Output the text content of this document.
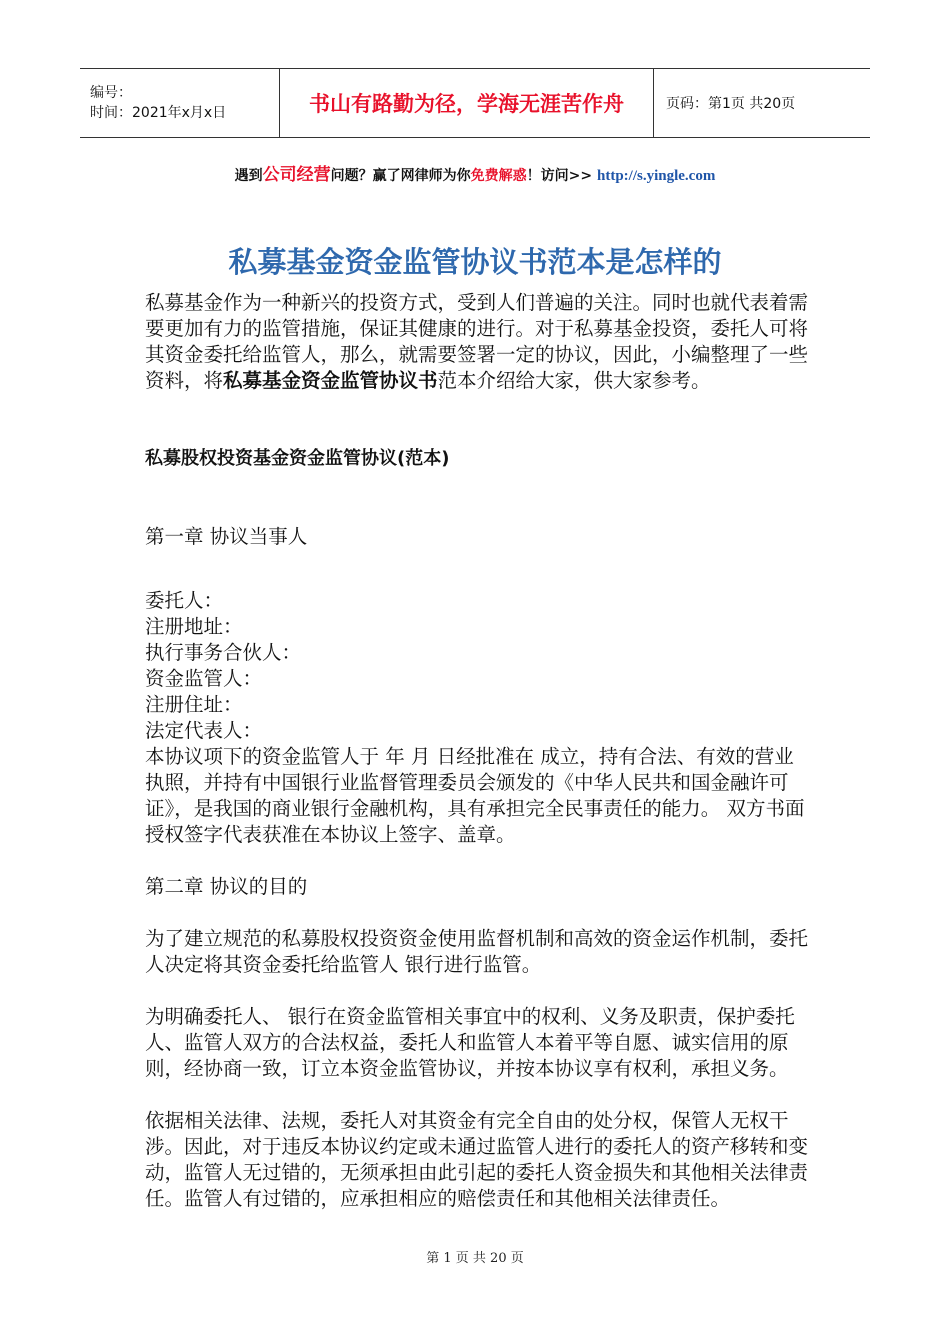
编号：
时间：2021年x月x日	书山有路勤为径，学海无涯苦作舟	页码：第1页 共20页
遇到公司经营问题？赢了网律师为你免费解惑！访问>> http://s.yingle.com
私募基金资金监管协议书范本是怎样的

私募基金作为一种新兴的投资方式，受到人们普遍的关注。同时也就代表着需要更加有力的监管措施，保证其健康的进行。对于私募基金投资，委托人可将其资金委托给监管人，那么，就需要签署一定的协议，因此，小编整理了一些资料，将私募基金资金监管协议书范本介绍给大家，供大家参考。

私募股权投资基金资金监管协议(范本)

第一章 协议当事人

委托人：

注册地址：

执行事务合伙人：

资金监管人：

注册住址：

法定代表人：

本协议项下的资金监管人于 年 月 日经批准在 成立，持有合法、有效的营业执照，并持有中国银行业监督管理委员会颁发的《中华人民共和国金融许可证》，是我国的商业银行金融机构，具有承担完全民事责任的能力。 双方书面授权签字代表获准在本协议上签字、盖章。

第二章 协议的目的

为了建立规范的私募股权投资资金使用监督机制和高效的资金运作机制，委托人决定将其资金委托给监管人 银行进行监管。

为明确委托人、 银行在资金监管相关事宜中的权利、义务及职责，保护委托人、监管人双方的合法权益，委托人和监管人本着平等自愿、诚实信用的原则，经协商一致，订立本资金监管协议，并按本协议享有权利，承担义务。

依据相关法律、法规，委托人对其资金有完全自由的处分权，保管人无权干涉。因此，对于违反本协议约定或未通过监管人进行的委托人的资产移转和变动，监管人无过错的，无须承担由此引起的委托人资金损失和其他相关法律责任。监管人有过错的，应承担相应的赔偿责任和其他相关法律责任。

第 1 页 共 20 页
